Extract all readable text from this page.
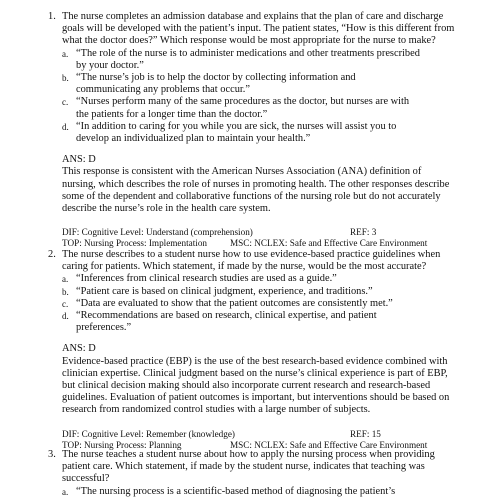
1. The nurse completes an admission database and explains that the plan of care and discharge
goals will be developed with the patient’s input. The patient states, “How is this different from
what the doctor does?” Which response would be most appropriate for the nurse to make?

a. “The role of the nurse is to administer medications and other treatments prescribed
by your doctor.”
b. “The nurse’s job is to help the doctor by collecting information and
communicating any problems that occur.”
c. “Nurses perform many of the same procedures as the doctor, but nurses are with
the patients for a longer time than the doctor.”
d. “In addition to caring for you while you are sick, the nurses will assist you to
develop an individualized plan to maintain your health.”
ANS: D

This response is consistent with the American Nurses Association (ANA) definition of
nursing, which describes the role of nurses in promoting health. The other responses describe
some of the dependent and collaborative functions of the nursing role but do not accurately
describe the nurse’s role in the health care system.

DIF: Cognitive Level: Understand (comprehension)	REF: 3
TOP: Nursing Process: Implementation	MSC: NCLEX: Safe and Effective Care Environment
2. The nurse describes to a student nurse how to use evidence-based practice guidelines when
caring for patients. Which statement, if made by the nurse, would be the most accurate?

a. “Inferences from clinical research studies are used as a guide.”
b. “Patient care is based on clinical judgment, experience, and traditions.”
c. “Data are evaluated to show that the patient outcomes are consistently met.”
d. “Recommendations are based on research, clinical expertise, and patient
preferences.”
ANS: D

Evidence-based practice (EBP) is the use of the best research-based evidence combined with
clinician expertise. Clinical judgment based on the nurse’s clinical experience is part of EBP,
but clinical decision making should also incorporate current research and research-based
guidelines. Evaluation of patient outcomes is important, but interventions should be based on
research from randomized control studies with a large number of subjects.

DIF: Cognitive Level: Remember (knowledge)	REF: 15
TOP: Nursing Process: Planning	MSC: NCLEX: Safe and Effective Care Environment
3. The nurse teaches a student nurse about how to apply the nursing process when providing
patient care. Which statement, if made by the student nurse, indicates that teaching was
successful?

a. “The nursing process is a scientific-based method of diagnosing the patient’s
